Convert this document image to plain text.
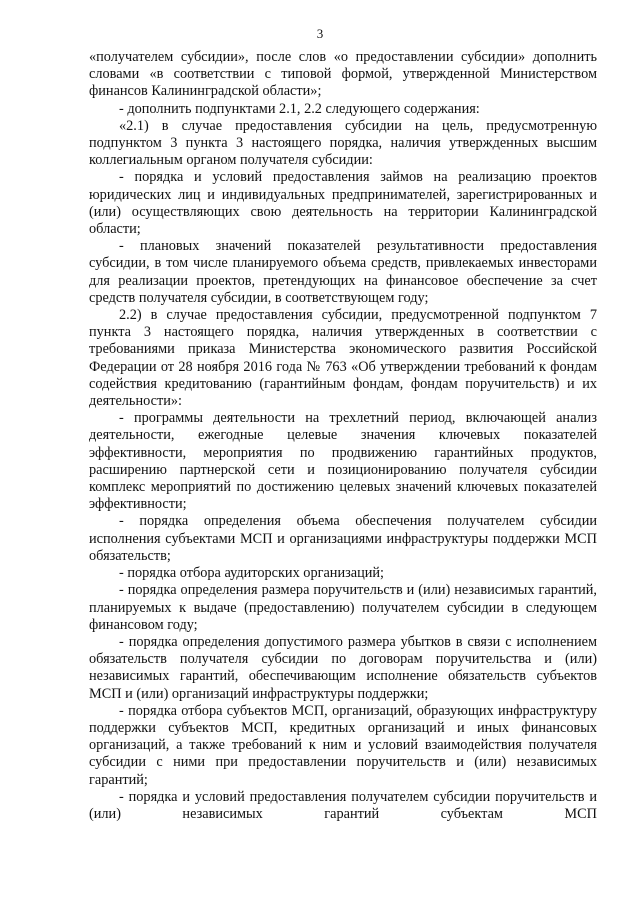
3

«получателем субсидии», после слов «о предоставлении субсидии» дополнить словами «в соответствии с типовой формой, утвержденной Министерством финансов Калининградской области»;

- дополнить подпунктами 2.1, 2.2 следующего содержания:

«2.1) в случае предоставления субсидии на цель, предусмотренную подпунктом 3 пункта 3 настоящего порядка, наличия утвержденных высшим коллегиальным органом получателя субсидии:

- порядка и условий предоставления займов на реализацию проектов юридических лиц и индивидуальных предпринимателей, зарегистрированных и (или) осуществляющих свою деятельность на территории Калининградской области;

- плановых значений показателей результативности предоставления субсидии, в том числе планируемого объема средств, привлекаемых инвесторами для реализации проектов, претендующих на финансовое обеспечение за счет средств получателя субсидии, в соответствующем году;

2.2) в случае предоставления субсидии, предусмотренной подпунктом 7 пункта 3 настоящего порядка, наличия утвержденных в соответствии с требованиями приказа Министерства экономического развития Российской Федерации от 28 ноября 2016 года № 763 «Об утверждении требований к фондам содействия кредитованию (гарантийным фондам, фондам поручительств) и их деятельности»:

- программы деятельности на трехлетний период, включающей анализ деятельности, ежегодные целевые значения ключевых показателей эффективности, мероприятия по продвижению гарантийных продуктов, расширению партнерской сети и позиционированию получателя субсидии комплекс мероприятий по достижению целевых значений ключевых показателей эффективности;

- порядка определения объема обеспечения получателем субсидии исполнения субъектами МСП и организациями инфраструктуры поддержки МСП обязательств;

- порядка отбора аудиторских организаций;

- порядка определения размера поручительств и (или) независимых гарантий, планируемых к выдаче (предоставлению) получателем субсидии в следующем финансовом году;

- порядка определения допустимого размера убытков в связи с исполнением обязательств получателя субсидии по договорам поручительства и (или) независимых гарантий, обеспечивающим исполнение обязательств субъектов МСП и (или) организаций инфраструктуры поддержки;

- порядка отбора субъектов МСП, организаций, образующих инфраструктуру поддержки субъектов МСП, кредитных организаций и иных финансовых организаций, а также требований к ним и условий взаимодействия получателя субсидии с ними при предоставлении поручительств и (или) независимых гарантий;

- порядка и условий предоставления получателем субсидии поручительств и (или) независимых гарантий субъектам МСП
